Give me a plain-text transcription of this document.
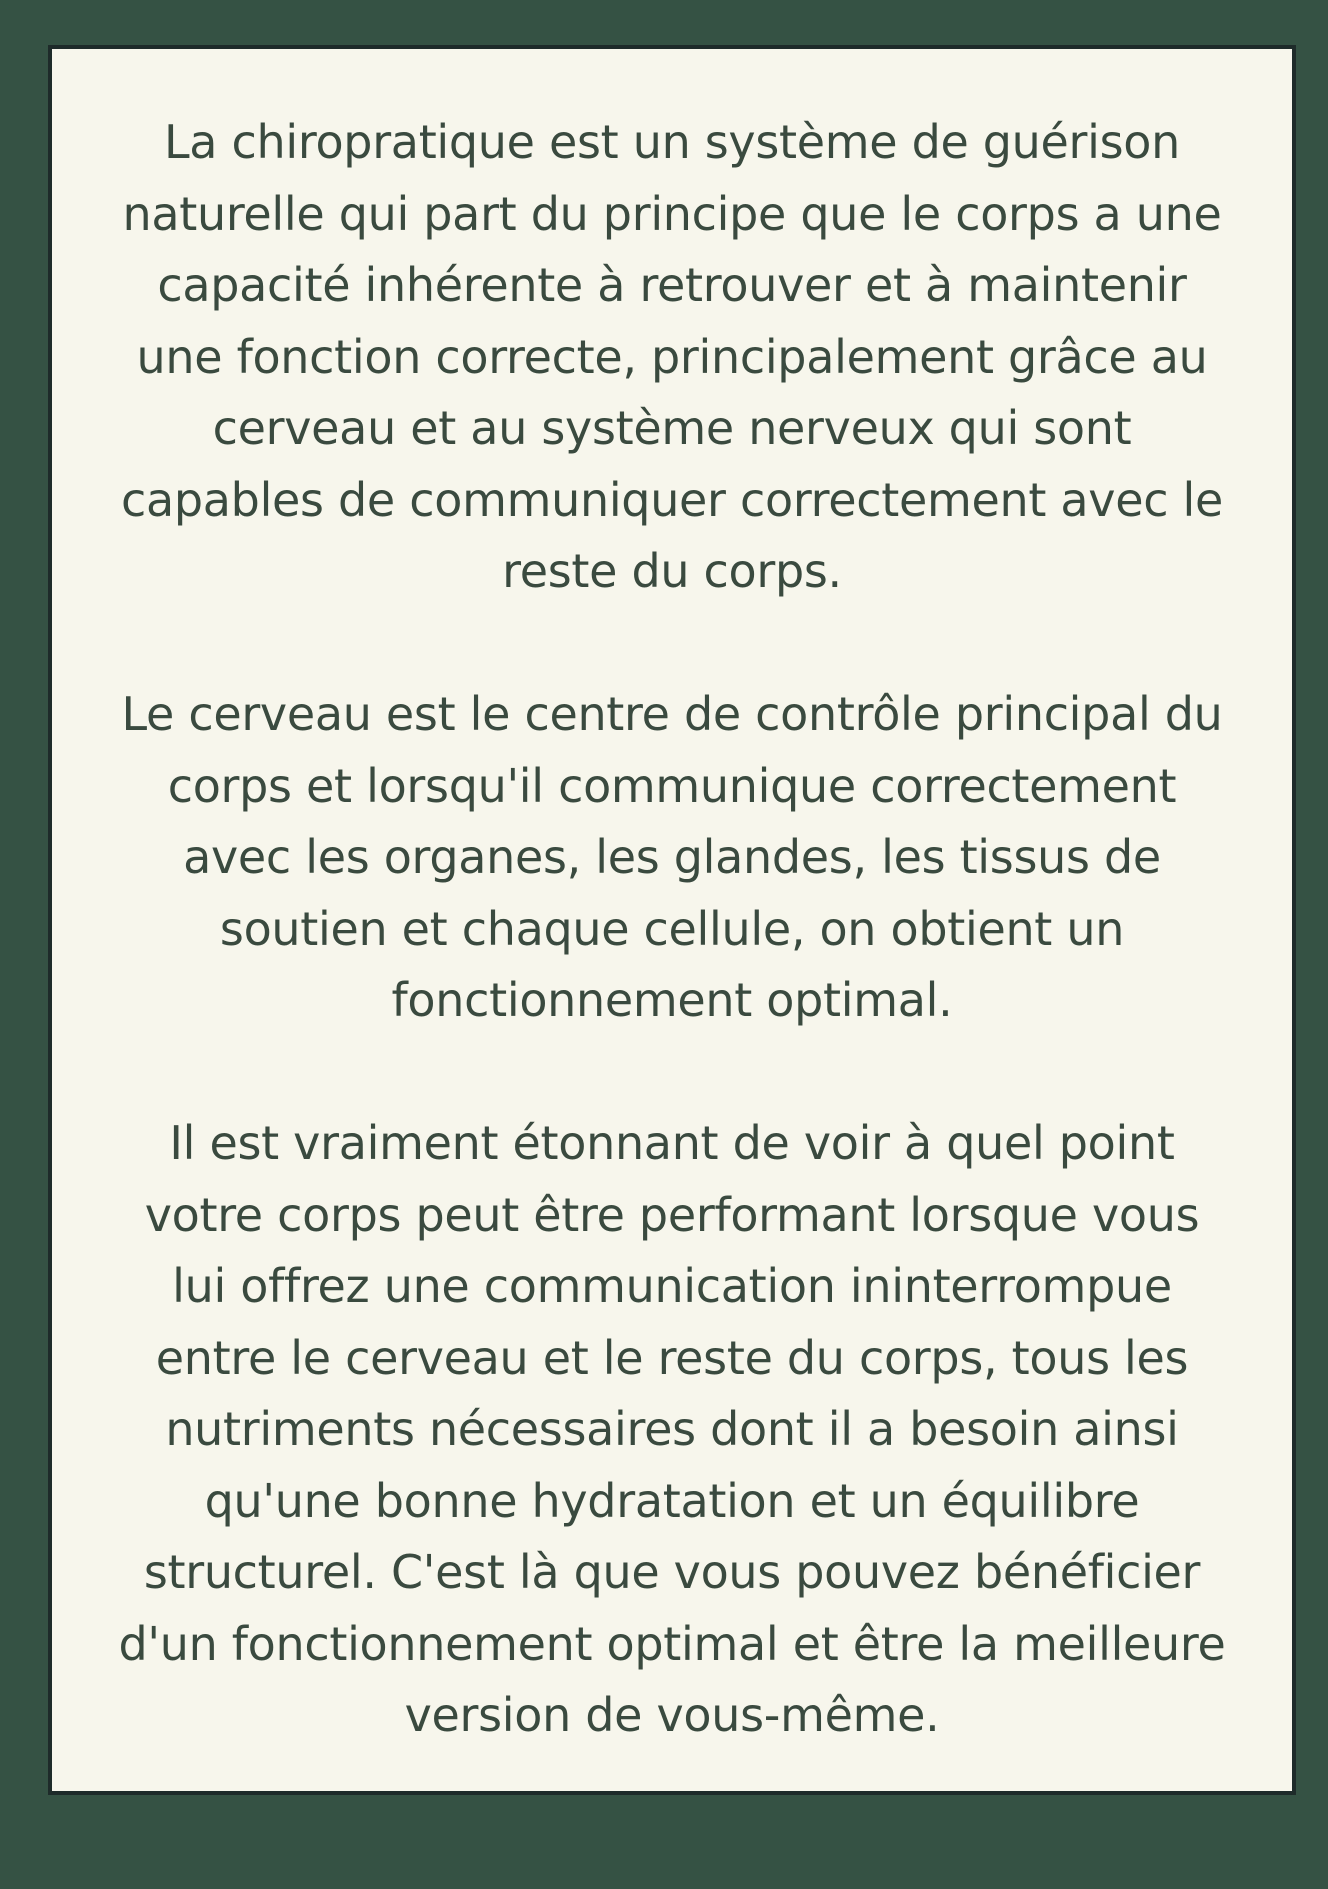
La chiropratique est un système de guérison naturelle qui part du principe que le corps a une capacité inhérente à retrouver et à maintenir une fonction correcte, principalement grâce au cerveau et au système nerveux qui sont capables de communiquer correctement avec le reste du corps.

Le cerveau est le centre de contrôle principal du corps et lorsqu'il communique correctement avec les organes, les glandes, les tissus de soutien et chaque cellule, on obtient un fonctionnement optimal.

Il est vraiment étonnant de voir à quel point votre corps peut être performant lorsque vous lui offrez une communication ininterrompue entre le cerveau et le reste du corps, tous les nutriments nécessaires dont il a besoin ainsi qu'une bonne hydratation et un équilibre structurel. C'est là que vous pouvez bénéficier d'un fonctionnement optimal et être la meilleure version de vous-même.
